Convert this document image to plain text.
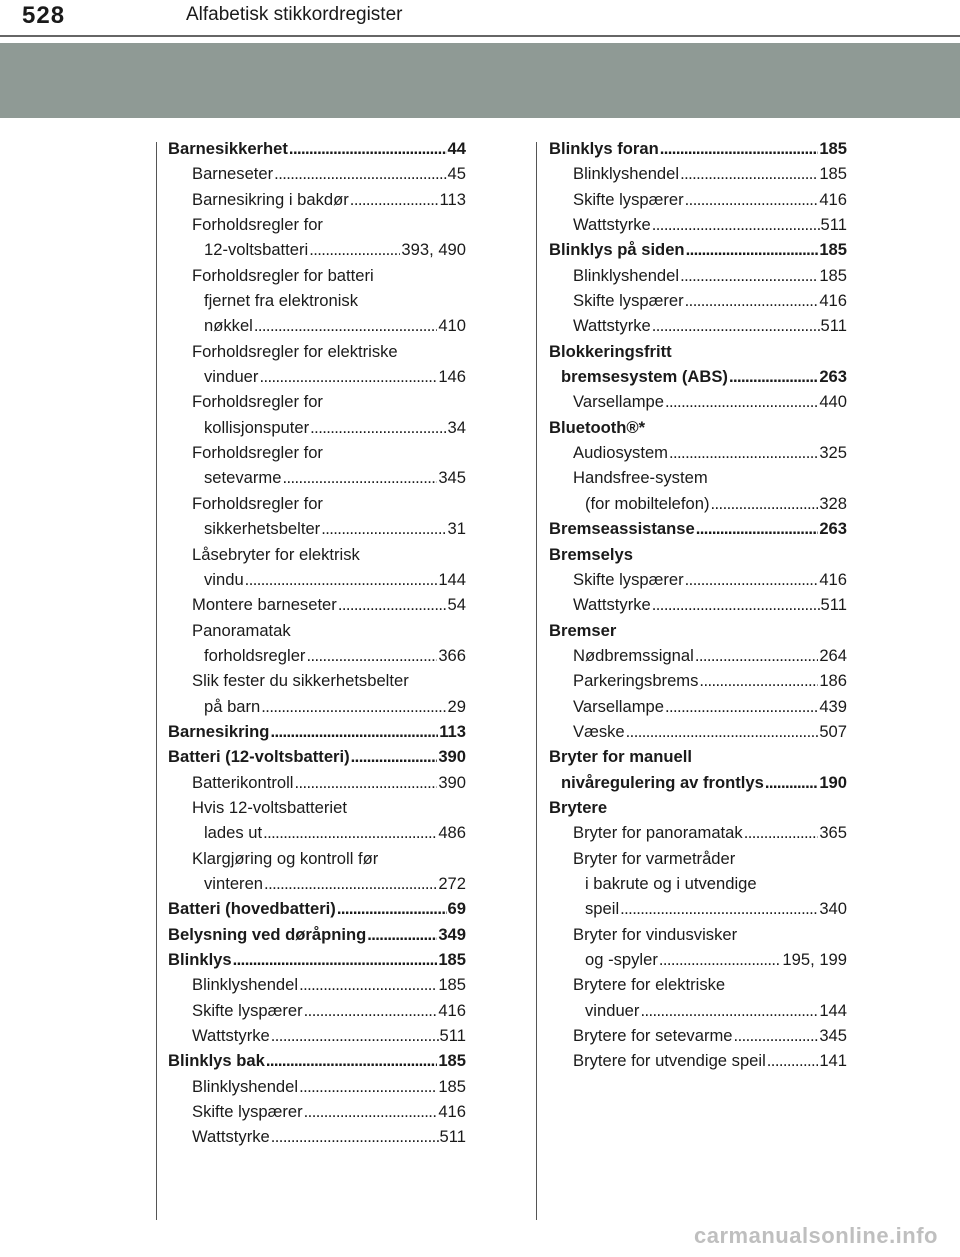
528	Alfabetisk stikkordregister
Barnesikkerhet . . .	44
Barneseter . . .	45
Barnesikring i bakdør . . .	113
Forholdsregler for
12-voltsbatteri . . .	393, 490
Forholdsregler for batteri
fjernet fra elektronisk
nøkkel . . .	410
Forholdsregler for elektriske
vinduer . . .	146
Forholdsregler for
kollisjonsputer . . .	34
Forholdsregler for
setevarme . . .	345
Forholdsregler for
sikkerhetsbelter . . .	31
Låsebryter for elektrisk
vindu . . .	144
Montere barneseter . . .	54
Panoramatak
forholdsregler . . .	366
Slik fester du sikkerhetsbelter
på barn . . .	29
Barnesikring . . .	113
Batteri (12-voltsbatteri) . . .	390
Batterikontroll . . .	390
Hvis 12-voltsbatteriet
lades ut . . .	486
Klargjøring og kontroll før
vinteren . . .	272
Batteri (hovedbatteri) . . .	69
Belysning ved døråpning . . .	349
Blinklys . . .	185
Blinklyshendel . . .	185
Skifte lyspærer . . .	416
Wattstyrke . . .	511
Blinklys bak . . .	185
Blinklyshendel . . .	185
Skifte lyspærer . . .	416
Wattstyrke . . .	511
Blinklys foran . . .	185
Blinklyshendel . . .	185
Skifte lyspærer . . .	416
Wattstyrke . . .	511
Blinklys på siden . . .	185
Blinklyshendel . . .	185
Skifte lyspærer . . .	416
Wattstyrke . . .	511
Blokkeringsfritt
bremsesystem (ABS) . . .	263
Varsellampe . . .	440
Bluetooth®*
Audiosystem . . .	325
Handsfree-system
(for mobiltelefon) . . .	328
Bremseassistanse . . .	263
Bremselys
Skifte lyspærer . . .	416
Wattstyrke . . .	511
Bremser
Nødbremssignal . . .	264
Parkeringsbrems . . .	186
Varsellampe . . .	439
Væske . . .	507
Bryter for manuell
nivåregulering av frontlys . . .	190
Brytere
Bryter for panoramatak . . .	365
Bryter for varmetråder
i bakrute og i utvendige
speil . . .	340
Bryter for vindusvisker
og -spyler . . .	195, 199
Brytere for elektriske
vinduer . . .	144
Brytere for setevarme . . .	345
Brytere for utvendige speil . . .	141
carmanualsonline.info
